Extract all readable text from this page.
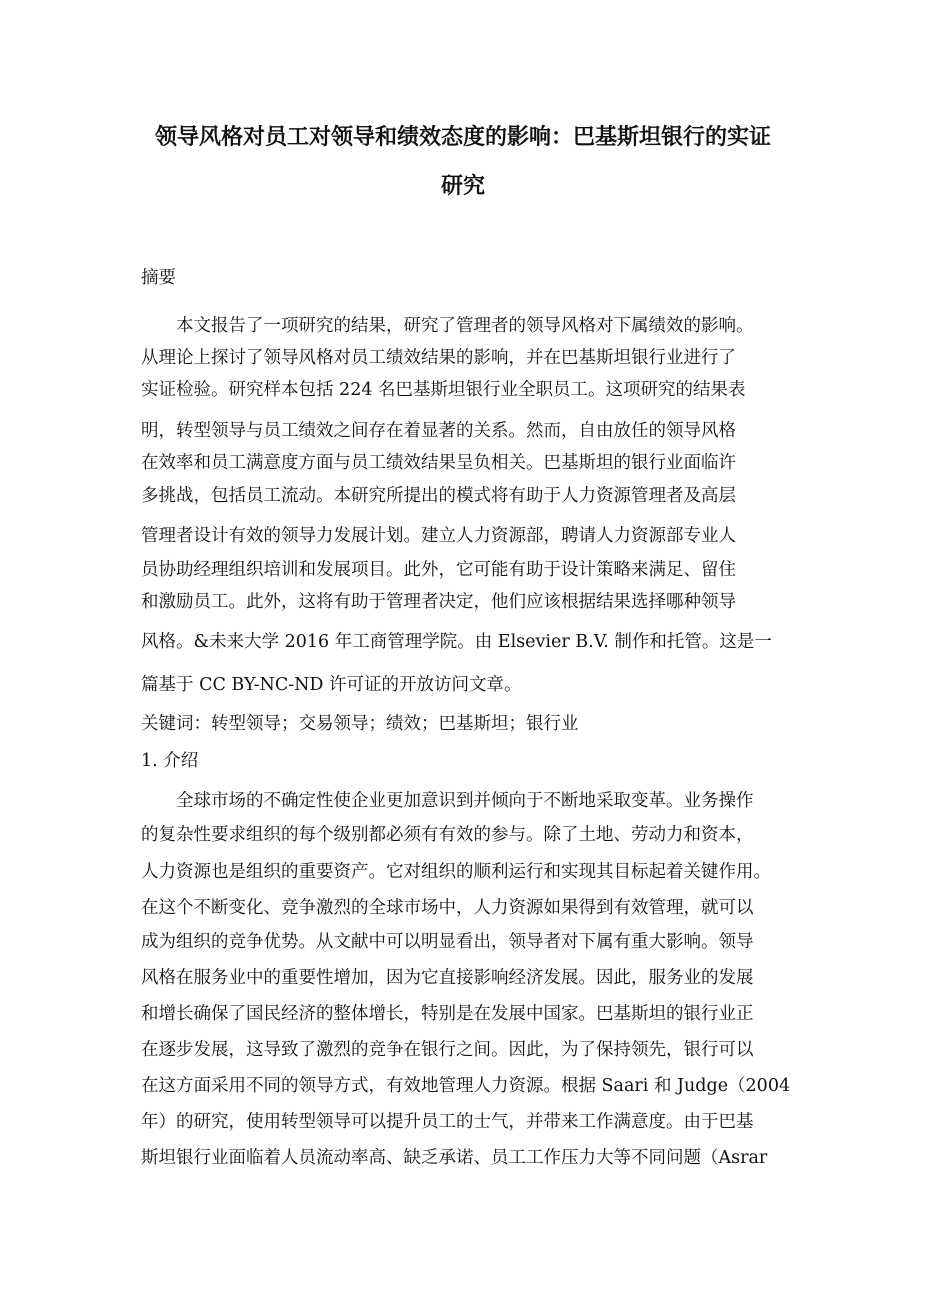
领导风格对员工对领导和绩效态度的影响：巴基斯坦银行的实证
研究
摘要
本文报告了一项研究的结果，研究了管理者的领导风格对下属绩效的影响。
从理论上探讨了领导风格对员工绩效结果的影响，并在巴基斯坦银行业进行了
实证检验。研究样本包括 224 名巴基斯坦银行业全职员工。这项研究的结果表
明，转型领导与员工绩效之间存在着显著的关系。然而，自由放任的领导风格
在效率和员工满意度方面与员工绩效结果呈负相关。巴基斯坦的银行业面临许
多挑战，包括员工流动。本研究所提出的模式将有助于人力资源管理者及高层
管理者设计有效的领导力发展计划。建立人力资源部，聘请人力资源部专业人
员协助经理组织培训和发展项目。此外，它可能有助于设计策略来满足、留住
和激励员工。此外，这将有助于管理者决定，他们应该根据结果选择哪种领导
风格。&未来大学 2016 年工商管理学院。由 Elsevier B.V. 制作和托管。这是一
篇基于 CC BY-NC-ND 许可证的开放访问文章。
关键词：转型领导；交易领导；绩效；巴基斯坦；银行业
1. 介绍
全球市场的不确定性使企业更加意识到并倾向于不断地采取变革。业务操作
的复杂性要求组织的每个级别都必须有有效的参与。除了土地、劳动力和资本，
人力资源也是组织的重要资产。它对组织的顺利运行和实现其目标起着关键作用。
在这个不断变化、竞争激烈的全球市场中，人力资源如果得到有效管理，就可以
成为组织的竞争优势。从文献中可以明显看出，领导者对下属有重大影响。领导
风格在服务业中的重要性增加，因为它直接影响经济发展。因此，服务业的发展
和增长确保了国民经济的整体增长，特别是在发展中国家。巴基斯坦的银行业正
在逐步发展，这导致了激烈的竞争在银行之间。因此，为了保持领先，银行可以
在这方面采用不同的领导方式，有效地管理人力资源。根据 Saari 和 Judge（2004
年）的研究，使用转型领导可以提升员工的士气，并带来工作满意度。由于巴基
斯坦银行业面临着人员流动率高、缺乏承诺、员工工作压力大等不同问题（Asrar
